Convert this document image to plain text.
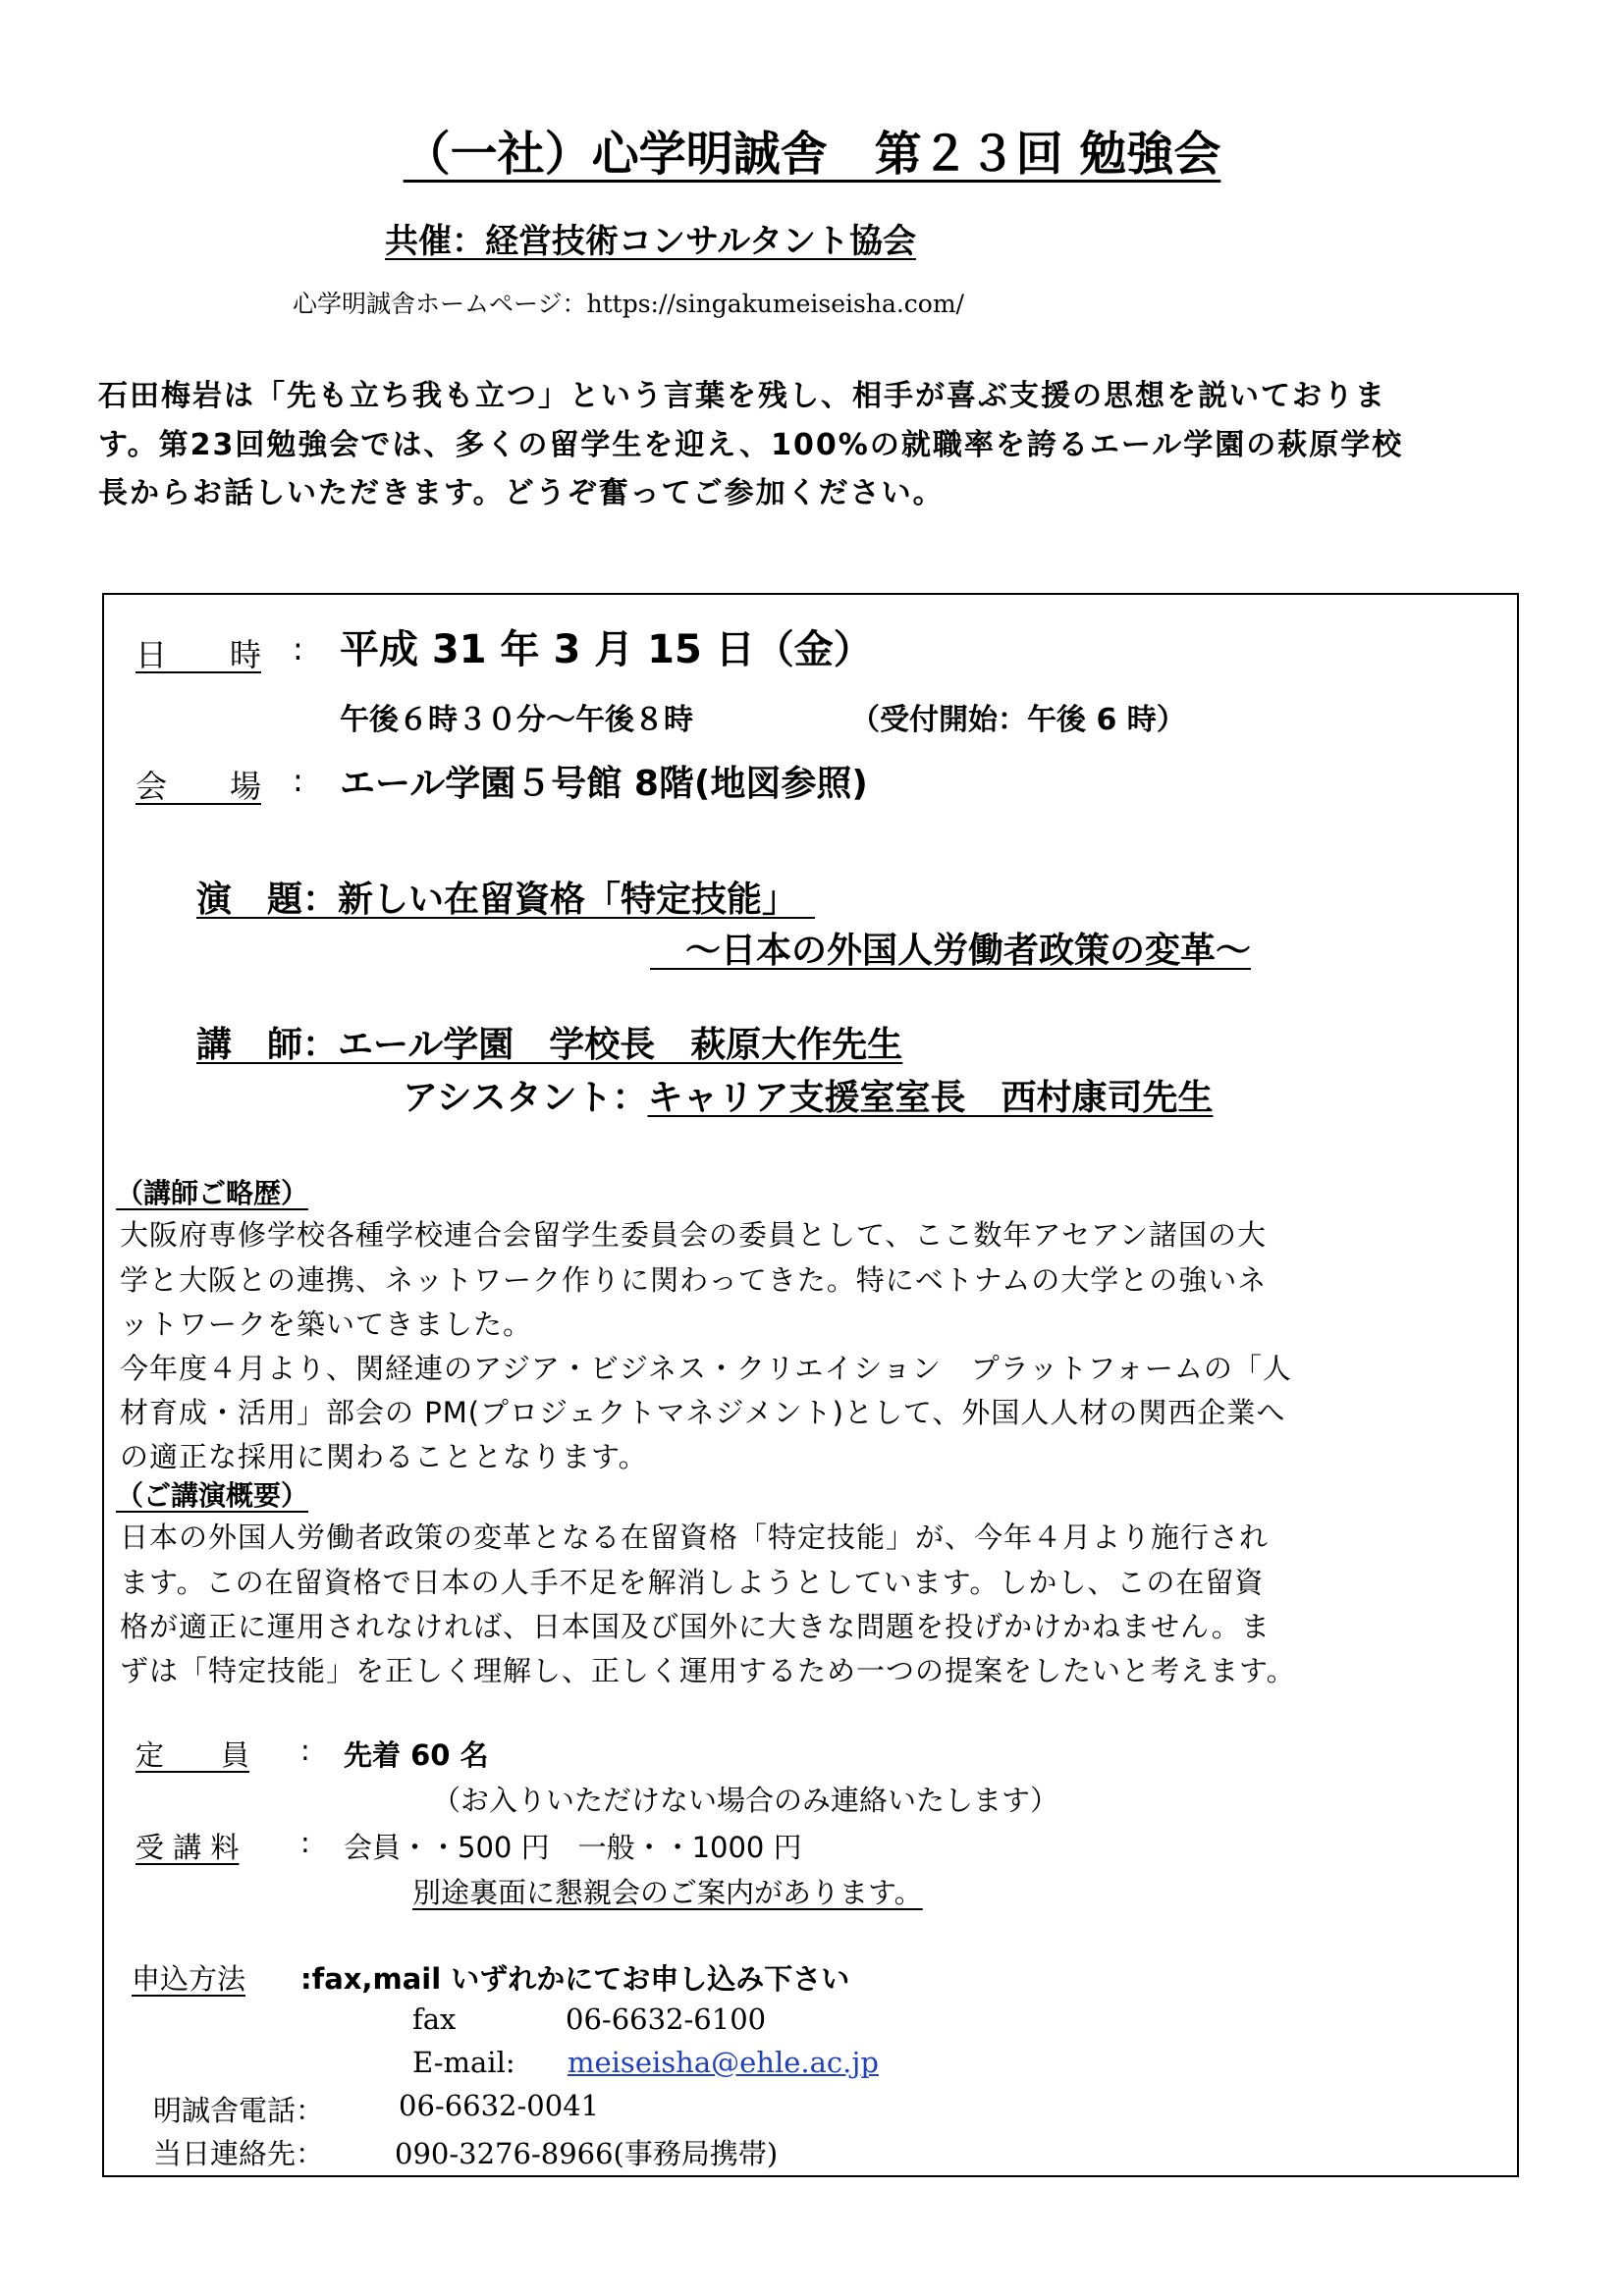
（一社）心学明誠舎　第２３回 勉強会
共催：経営技術コンサルタント協会
心学明誠舎ホームページ：https://singakumeiseisha.com/
石田梅岩は「先も立ち我も立つ」という言葉を残し、相手が喜ぶ支援の思想を説いておりま
す。第23回勉強会では、多くの留学生を迎え、100%の就職率を誇るエール学園の萩原学校
長からお話しいただきます。どうぞ奮ってご参加ください。
日　　時 : 平成 31 年 3 月 15 日（金）
午後６時３０分～午後８時	（受付開始：午後 6 時）
会　　場 : エール学園５号館 8階(地図参照)
演　題：新しい在留資格「特定技能」　
　～日本の外国人労働者政策の変革～
講　師：エール学園　学校長　萩原大作先生
アシスタント：キャリア支援室室長　西村康司先生
（講師ご略歴）
大阪府専修学校各種学校連合会留学生委員会の委員として、ここ数年アセアン諸国の大
学と大阪との連携、ネットワーク作りに関わってきた。特にベトナムの大学との強いネ
ットワークを築いてきました。
今年度４月より、関経連のアジア・ビジネス・クリエイション　プラットフォームの「人
材育成・活用」部会の PM(プロジェクトマネジメント)として、外国人人材の関西企業へ
の適正な採用に関わることとなります。
（ご講演概要）
日本の外国人労働者政策の変革となる在留資格「特定技能」が、今年４月より施行され
ます。この在留資格で日本の人手不足を解消しようとしています。しかし、この在留資
格が適正に運用されなければ、日本国及び国外に大きな問題を投げかけかねません。ま
ずは「特定技能」を正しく理解し、正しく運用するため一つの提案をしたいと考えます。
定　　員 : 先着 60 名
（お入りいただけない場合のみ連絡いたします）
受 講 料 : 会員・・500 円　一般・・1000 円
別途裏面に懇親会のご案内があります。
申込方法 :fax,mail いずれかにてお申し込み下さい
fax	06-6632-6100
E-mail: meiseisha@ehle.ac.jp
明誠舎電話：	06-6632-0041
当日連絡先： 090-3276-8966(事務局携帯)
